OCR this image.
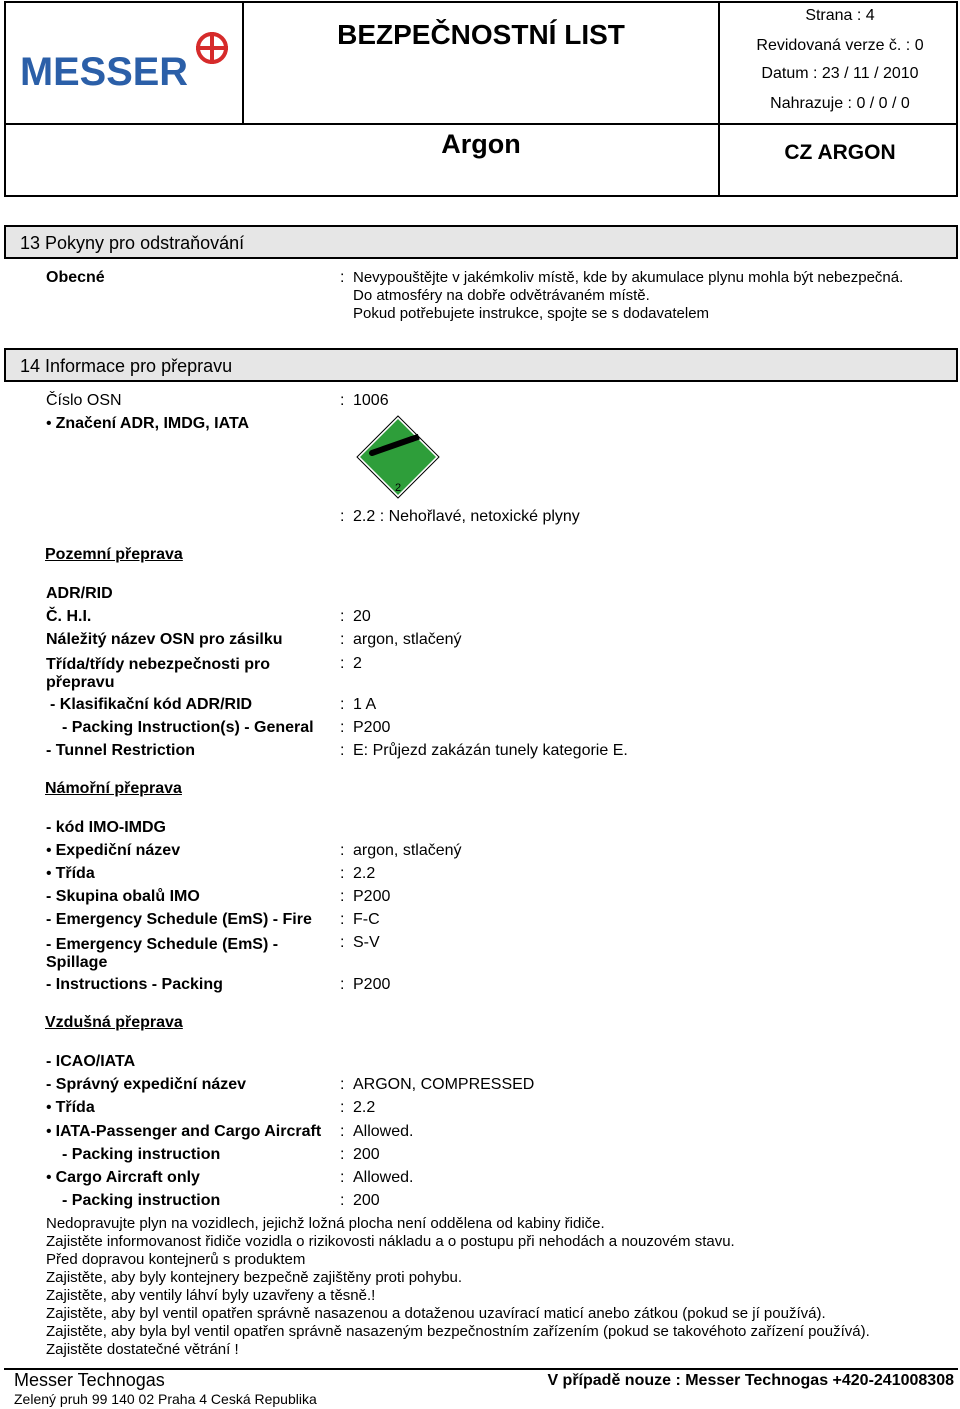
MESSER
BEZPEČNOSTNÍ LIST
Argon
Strana : 4
Revidovaná verze č. : 0
Datum : 23 / 11 / 2010
Nahrazuje : 0 / 0 / 0
CZ ARGON
13 Pokyny pro odstraňování
Obecné	: Nevypouštějte v jakémkoliv místě, kde by akumulace plynu mohla být nebezpečná.
Do atmosféry na dobře odvětrávaném místě.
Pokud potřebujete instrukce, spojte se s dodavatelem
14 Informace pro přepravu
Číslo OSN	: 1006
• Značení ADR, IMDG, IATA
2
: 2.2 : Nehořlavé, netoxické plyny
Pozemní přeprava
ADR/RID
Č. H.I.	: 20
Náležitý název OSN pro zásilku	: argon, stlačený
Třída/třídy nebezpečnosti pro přepravu
: 2
- Klasifikační kód ADR/RID	: 1 A
- Packing Instruction(s) - General : P200
- Tunnel Restriction	: E: Průjezd zakázán tunely kategorie E.
Námořní přeprava
- kód IMO-IMDG
• Expediční název	: argon, stlačený
• Třída	: 2.2
- Skupina obalů IMO	: P200
- Emergency Schedule (EmS) - Fire : F-C
- Emergency Schedule (EmS) - Spillage
: S-V
- Instructions - Packing	: P200
Vzdušná přeprava
- ICAO/IATA
- Správný expediční název	: ARGON, COMPRESSED
• Třída	: 2.2
• IATA-Passenger and Cargo Aircraft : Allowed.
- Packing instruction	: 200
• Cargo Aircraft only	: Allowed.
- Packing instruction	: 200
Nedopravujte plyn na vozidlech, jejichž ložná plocha není oddělena od kabiny řidiče.
Zajistěte informovanost řidiče vozidla o rizikovosti nákladu a o postupu při nehodách a nouzovém stavu.
Před dopravou kontejnerů s produktem
Zajistěte, aby byly kontejnery bezpečně zajištěny proti pohybu.
Zajistěte, aby ventily láhví byly uzavřeny a těsně.!
Zajistěte, aby byl ventil opatřen správně nasazenou a dotaženou uzavírací maticí anebo zátkou (pokud se jí používá).
Zajistěte, aby byla byl ventil opatřen správně nasazeným bezpečnostním zařízením (pokud se takovéhoto zařízení používá).
Zajistěte dostatečné větrání !
Messer Technogas
Zelený pruh 99 140 02 Praha 4 Ceská Republika
V případě nouze : Messer Technogas +420-241008308
